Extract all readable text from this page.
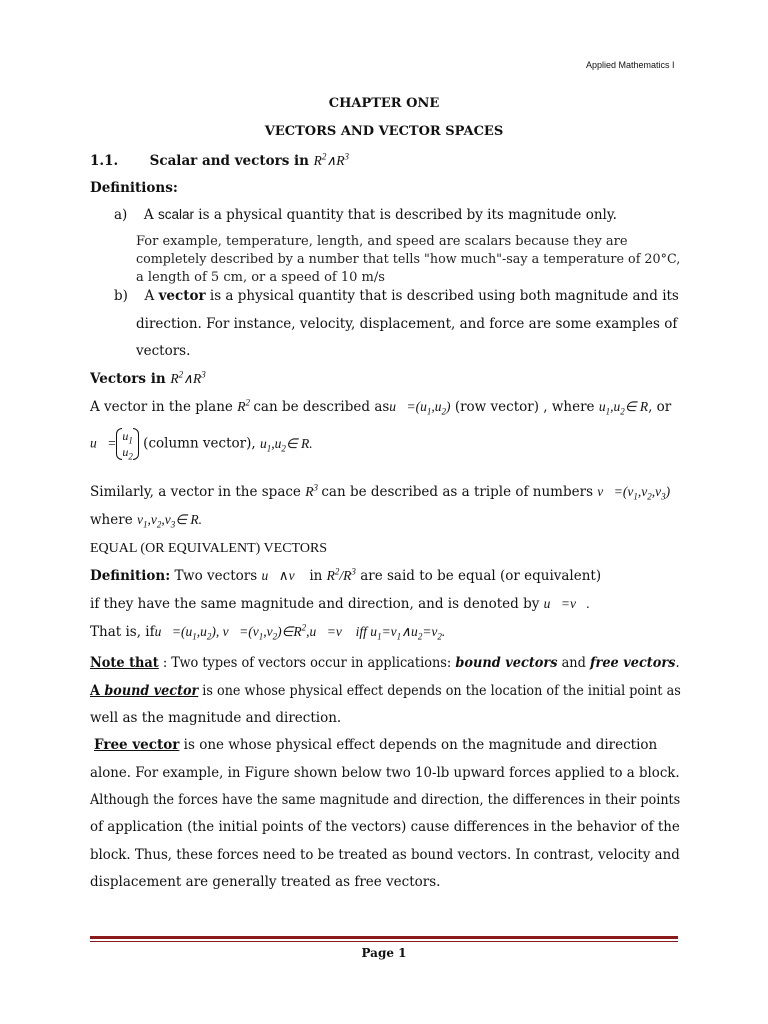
Applied Mathematics I
CHAPTER ONE
VECTORS AND VECTOR SPACES
1.1. Scalar and vectors in $R^2\wedge R^3$
Definitions:
a) A scalar is a physical quantity that is described by its magnitude only.
For example, temperature, length, and speed are scalars because they are
completely described by a number that tells "how much"-say a temperature of 20°C,
a length of 5 cm, or a speed of 10 m/s
b) A vector is a physical quantity that is described using both magnitude and its
direction. For instance, velocity, displacement, and force are some examples of
vectors.
Vectors in $R^2\wedge R^3$
A vector in the plane $R^2$ can be described $asu⃗=(u_1,u_2)$ (row vector) , where $u_1,u_2\in$ R, or
u⃗= $u_1$
$u_2$
(column vector), $u_1,u_2\in$ R.
Similarly, a vector in the space $R^3$ can be described as a triple of numbers $v⃗=(v_1,v_2,v_3)$
where $v_1,v_2,v_3\in$ R.
EQUAL (OR EQUIVALENT) VECTORS
Definition: Two vectors u⃗∧v⃗ in $R^2/R^3$ are said to be equal (or equivalent)
if they have the same magnitude and direction, and is denoted by u⃗=v⃗.
That is, $ifu⃗=(u_1,u_2)$, $v⃗=(v_1,v_2)\in R^2,u⃗=v⃗$ iff $u_1=v_1\wedge u_2=v_2$.
Note that : Two types of vectors occur in applications: bound vectors and free vectors.
A bound vector is one whose physical effect depends on the location of the initial point as
well as the magnitude and direction.
Free vector is one whose physical effect depends on the magnitude and direction
alone. For example, in Figure shown below two 10-lb upward forces applied to a block.
Although the forces have the same magnitude and direction, the differences in their points
of application (the initial points of the vectors) cause differences in the behavior of the
block. Thus, these forces need to be treated as bound vectors. In contrast, velocity and
displacement are generally treated as free vectors.
Page 1
